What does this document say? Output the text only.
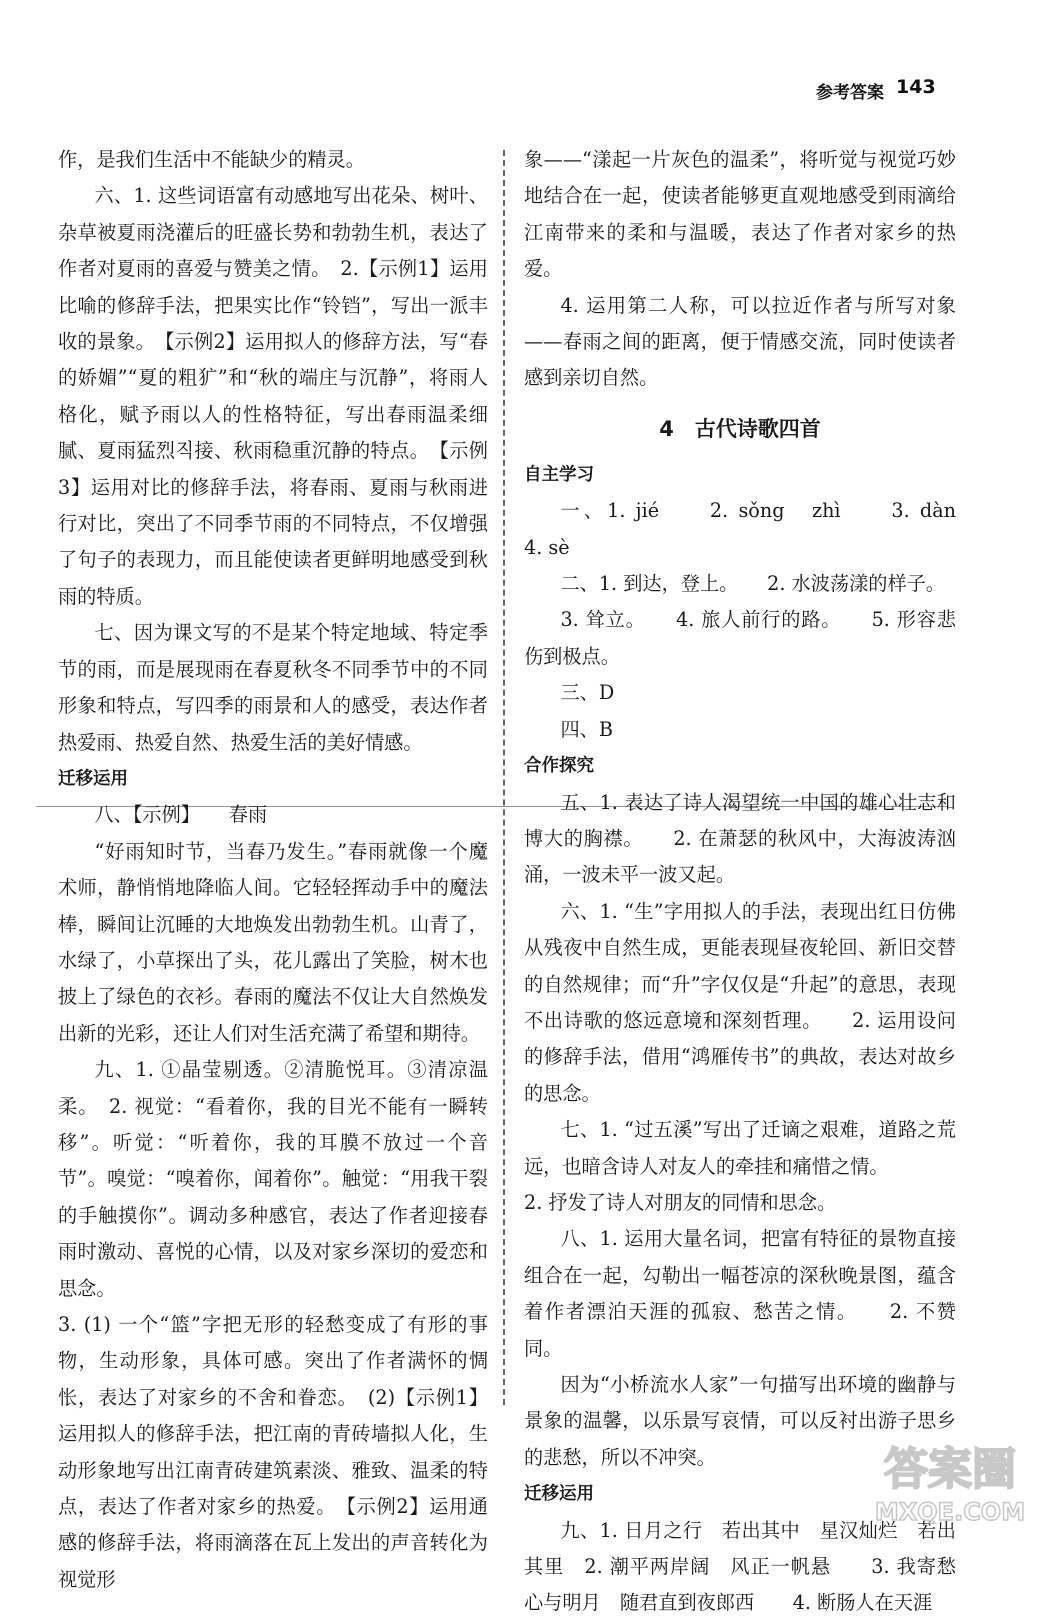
参考答案 143

作，是我们生活中不能缺少的精灵。

六、1. 这些词语富有动感地写出花朵、树叶、杂草被夏雨浇灌后的旺盛长势和勃勃生机，表达了作者对夏雨的喜爱与赞美之情。　2.【示例1】运用比喻的修辞手法，把果实比作“铃铛”，写出一派丰收的景象。　【示例2】运用拟人的修辞方法，写“春的娇媚”“夏的粗犷”和“秋的端庄与沉静”，将雨人格化，赋予雨以人的性格特征，写出春雨温柔细腻、夏雨猛烈직接、秋雨稳重沉静的特点。　【示例3】运用对比的修辞手法，将春雨、夏雨与秋雨进行对比，突出了不同季节雨的不同特点，不仅增强了句子的表现力，而且能使读者更鲜明地感受到秋雨的特质。

七、因为课文写的不是某个特定地域、特定季节的雨，而是展现雨在春夏秋冬不同季节中的不同形象和特点，写四季的雨景和人的感受，表达作者热爱雨、热爱自然、热爱生活的美好情感。

迁移运用

八、【示例】　　春雨

“好雨知时节，当春乃发生。”春雨就像一个魔术师，静悄悄地降临人间。它轻轻挥动手中的魔法棒，瞬间让沉睡的大地焕发出勃勃生机。山青了，水绿了，小草探出了头，花儿露出了笑脸，树木也披上了绿色的衣衫。春雨的魔法不仅让大自然焕发出新的光彩，还让人们对生活充满了希望和期待。

九、1. ①晶莹剔透。②清脆悦耳。③清凉温柔。　2. 视觉：“看着你，我的目光不能有一瞬转移”。听觉：“听着你，我的耳膜不放过一个音节”。嗅觉：“嗅着你，闻着你”。触觉：“用我干裂的手触摸你”。调动多种感官，表达了作者迎接春雨时激动、喜悦的心情，以及对家乡深切的爱恋和思念。

3. (1) 一个“篮”字把无形的轻愁变成了有形的事物，生动形象，具体可感。突出了作者满怀的惆怅，表达了对家乡的不舍和眷恋。　(2)【示例1】运用拟人的修辞手法，把江南的青砖墙拟人化，生动形象地写出江南青砖建筑素淡、雅致、温柔的特点，表达了作者对家乡的热爱。　【示例2】运用通感的修辞手法，将雨滴落在瓦上发出的声音转化为视觉形

象——“漾起一片灰色的温柔”，将听觉与视觉巧妙地结合在一起，使读者能够更直观地感受到雨滴给江南带来的柔和与温暖，表达了作者对家乡的热爱。

4. 运用第二人称，可以拉近作者与所写对象——春雨之间的距离，便于情感交流，同时使读者感到亲切自然。

4　古代诗歌四首

自主学习

一、1. jié　　2. sǒng　zhì　　3. dàn　　4. sè

二、1. 到达，登上。　　2. 水波荡漾的样子。

3. 耸立。　　4. 旅人前行的路。　　5. 形容悲伤到极点。

三、D

四、B

合作探究

五、1. 表达了诗人渴望统一中国的雄心壮志和博大的胸襟。　　2. 在萧瑟的秋风中，大海波涛汹涌，一波未平一波又起。

六、1. “生”字用拟人的手法，表现出红日仿佛从残夜中自然生成，更能表现昼夜轮回、新旧交替的自然规律；而“升”字仅仅是“升起”的意思，表现不出诗歌的悠远意境和深刻哲理。　　2. 运用设问的修辞手法，借用“鸿雁传书”的典故，表达对故乡的思念。

七、1. “过五溪”写出了迁谪之艰难，道路之荒远，也暗含诗人对友人的牵挂和痛惜之情。

2. 抒发了诗人对朋友的同情和思念。

八、1. 运用大量名词，把富有特征的景物直接组合在一起，勾勒出一幅苍凉的深秋晚景图，蕴含着作者漂泊天涯的孤寂、愁苦之情。　　2. 不赞同。

因为“小桥流水人家”一句描写出环境的幽静与景象的温馨，以乐景写哀情，可以反衬出游子思乡的悲愁，所以不冲突。

迁移运用

九、1. 日月之行　若出其中　星汉灿烂　若出其里　2. 潮平两岸阔　风正一帆悬　　3. 我寄愁心与明月　随君直到夜郎西　　4. 断肠人在天涯

答案圈
MXQE.COM
